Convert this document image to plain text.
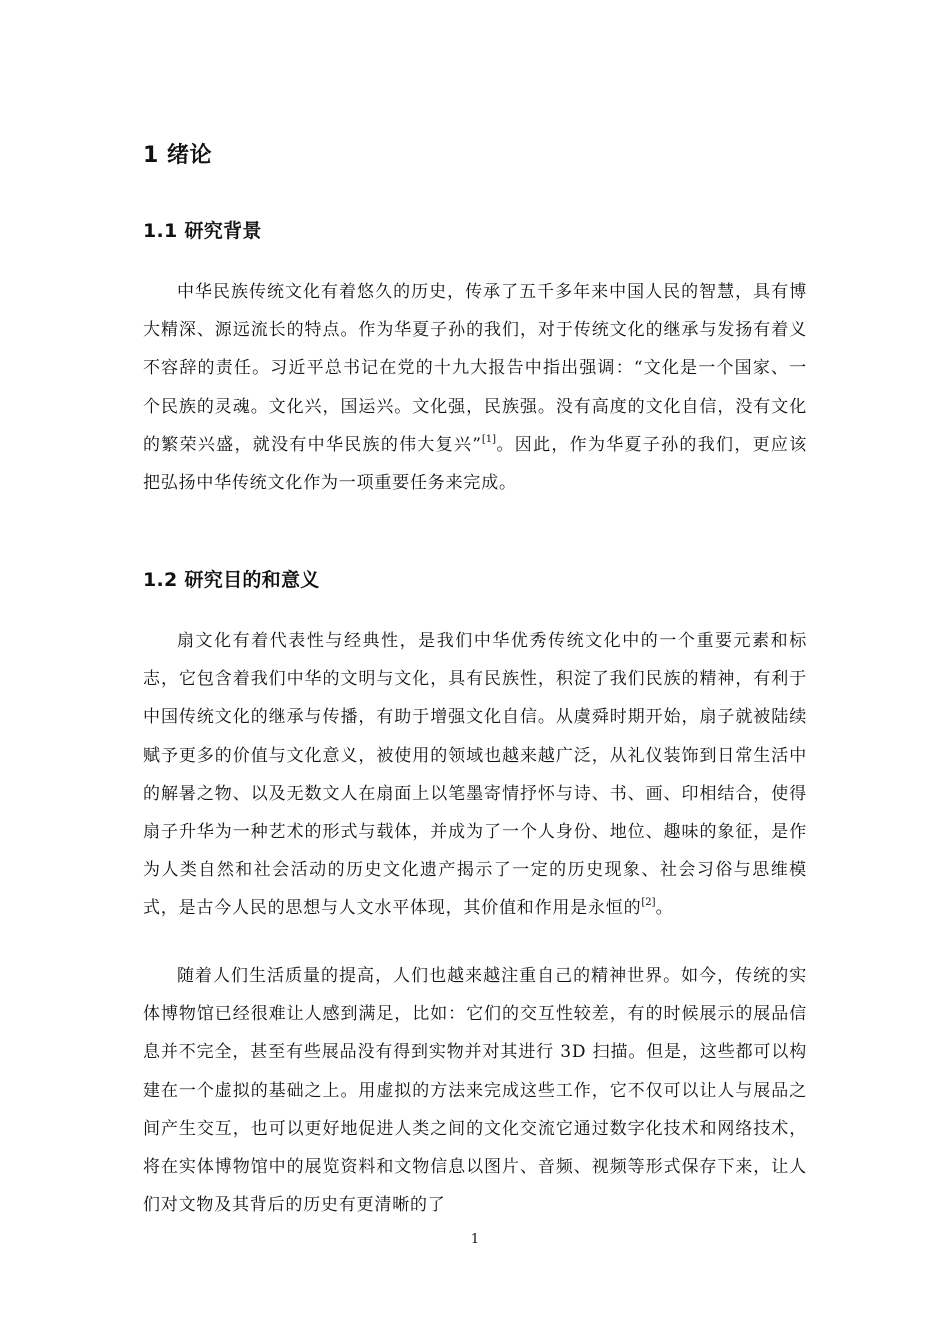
1 绪论
1.1 研究背景

中华民族传统文化有着悠久的历史，传承了五千多年来中国人民的智慧，具有博大精深、源远流长的特点。作为华夏子孙的我们，对于传统文化的继承与发扬有着义不容辞的责任。习近平总书记在党的十九大报告中指出强调：“文化是一个国家、一个民族的灵魂。文化兴，国运兴。文化强，民族强。没有高度的文化自信，没有文化的繁荣兴盛，就没有中华民族的伟大复兴”[1]。因此，作为华夏子孙的我们，更应该把弘扬中华传统文化作为一项重要任务来完成。

1.2 研究目的和意义

扇文化有着代表性与经典性，是我们中华优秀传统文化中的一个重要元素和标志，它包含着我们中华的文明与文化，具有民族性，积淀了我们民族的精神，有利于中国传统文化的继承与传播，有助于增强文化自信。从虞舜时期开始，扇子就被陆续赋予更多的价值与文化意义，被使用的领域也越来越广泛，从礼仪装饰到日常生活中的解暑之物、以及无数文人在扇面上以笔墨寄情抒怀与诗、书、画、印相结合，使得扇子升华为一种艺术的形式与载体，并成为了一个人身份、地位、趣味的象征，是作为人类自然和社会活动的历史文化遗产揭示了一定的历史现象、社会习俗与思维模式，是古今人民的思想与人文水平体现，其价值和作用是永恒的[2]。

随着人们生活质量的提高，人们也越来越注重自己的精神世界。如今，传统的实体博物馆已经很难让人感到满足，比如：它们的交互性较差，有的时候展示的展品信息并不完全，甚至有些展品没有得到实物并对其进行 3D 扫描。但是，这些都可以构建在一个虚拟的基础之上。用虚拟的方法来完成这些工作，它不仅可以让人与展品之间产生交互，也可以更好地促进人类之间的文化交流它通过数字化技术和网络技术，将在实体博物馆中的展览资料和文物信息以图片、音频、视频等形式保存下来，让人们对文物及其背后的历史有更清晰的了

1
